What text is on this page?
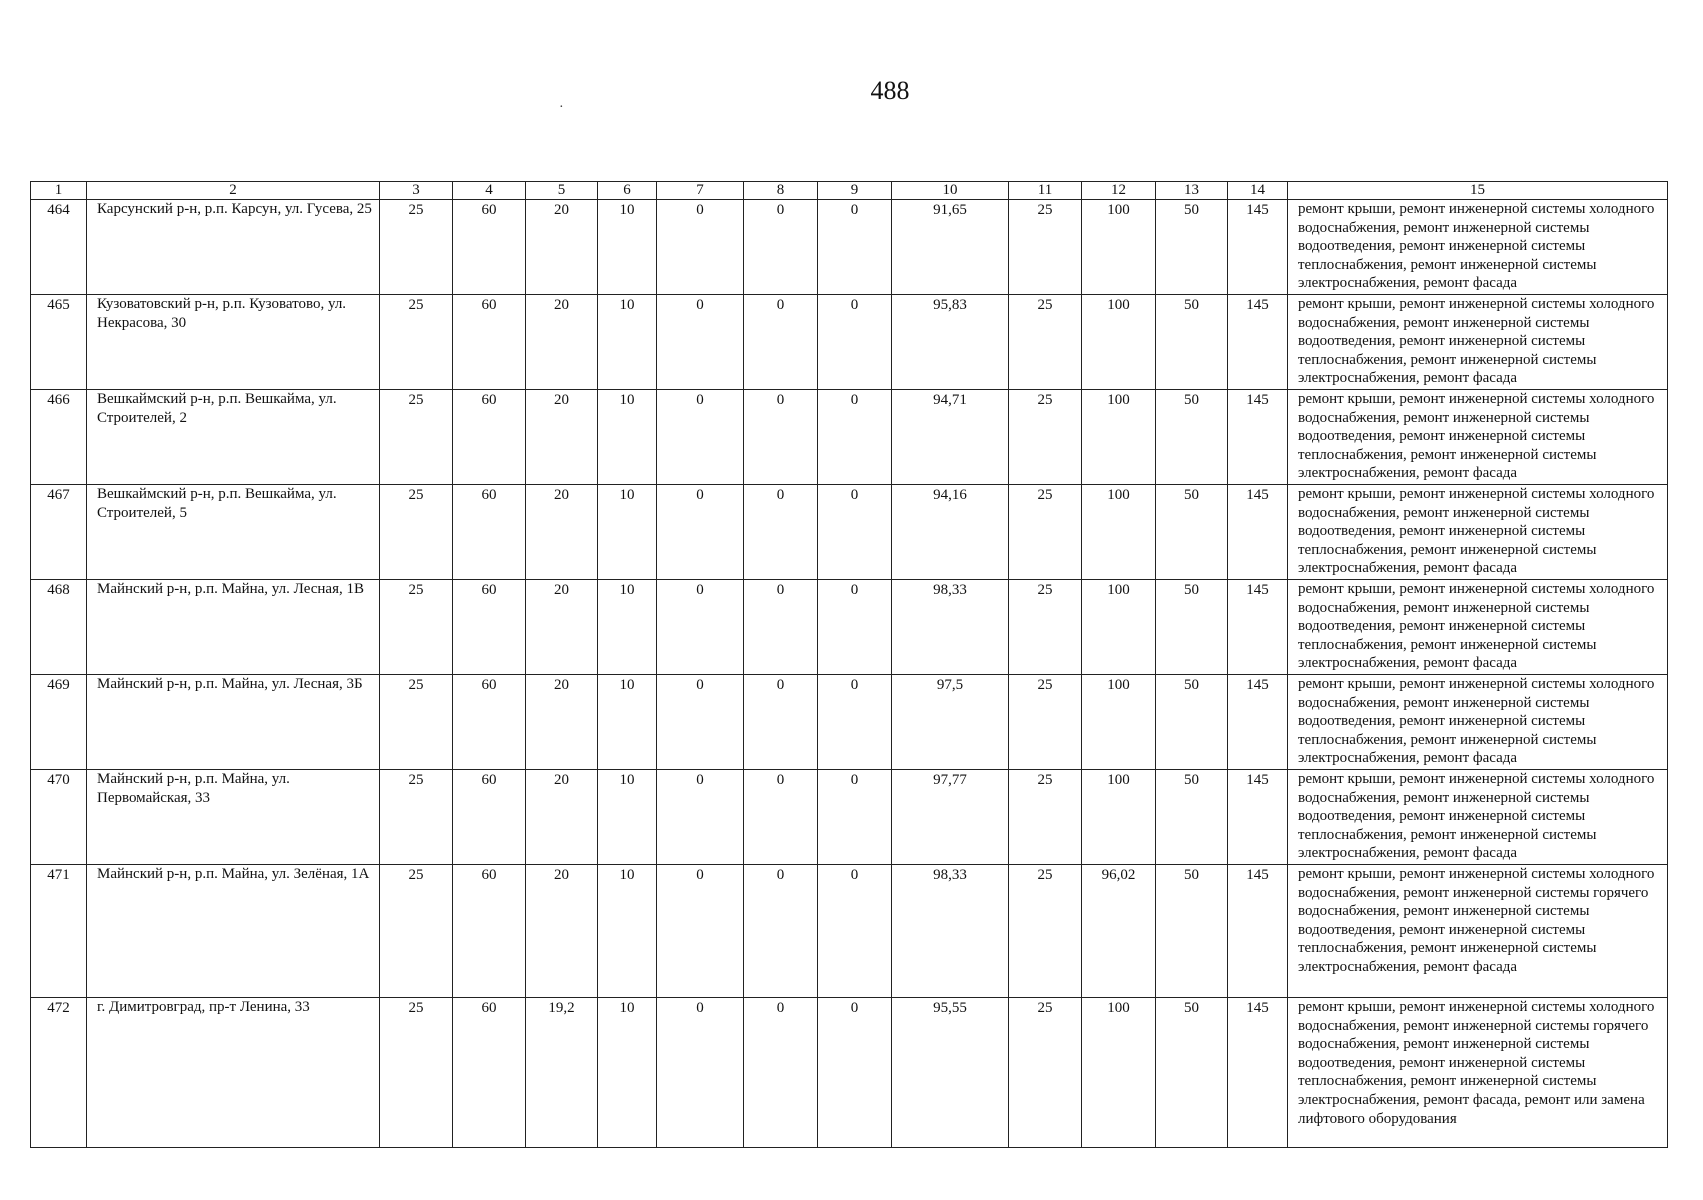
488
·
1	2	3	4	5	6	7	8	9	10	11	12	13	14	15
464	Карсунский р-н, р.п. Карсун, ул. Гусева, 25	25	60	20	10	0	0	0	91,65	25	100	50	145	ремонт крыши, ремонт инженерной системы холодного водоснабжения, ремонт инженерной системы водоотведения, ремонт инженерной системы теплоснабжения, ремонт инженерной системы электроснабжения, ремонт фасада
465	Кузоватовский р-н, р.п. Кузоватово, ул. Некрасова, 30	25	60	20	10	0	0	0	95,83	25	100	50	145	ремонт крыши, ремонт инженерной системы холодного водоснабжения, ремонт инженерной системы водоотведения, ремонт инженерной системы теплоснабжения, ремонт инженерной системы электроснабжения, ремонт фасада
466	Вешкаймский р-н, р.п. Вешкайма, ул. Строителей, 2	25	60	20	10	0	0	0	94,71	25	100	50	145	ремонт крыши, ремонт инженерной системы холодного водоснабжения, ремонт инженерной системы водоотведения, ремонт инженерной системы теплоснабжения, ремонт инженерной системы электроснабжения, ремонт фасада
467	Вешкаймский р-н, р.п. Вешкайма, ул. Строителей, 5	25	60	20	10	0	0	0	94,16	25	100	50	145	ремонт крыши, ремонт инженерной системы холодного водоснабжения, ремонт инженерной системы водоотведения, ремонт инженерной системы теплоснабжения, ремонт инженерной системы электроснабжения, ремонт фасада
468	Майнский р-н, р.п. Майна, ул. Лесная, 1В	25	60	20	10	0	0	0	98,33	25	100	50	145	ремонт крыши, ремонт инженерной системы холодного водоснабжения, ремонт инженерной системы водоотведения, ремонт инженерной системы теплоснабжения, ремонт инженерной системы электроснабжения, ремонт фасада
469	Майнский р-н, р.п. Майна, ул. Лесная, 3Б	25	60	20	10	0	0	0	97,5	25	100	50	145	ремонт крыши, ремонт инженерной системы холодного водоснабжения, ремонт инженерной системы водоотведения, ремонт инженерной системы теплоснабжения, ремонт инженерной системы электроснабжения, ремонт фасада
470	Майнский р-н, р.п. Майна, ул. Первомайская, 33	25	60	20	10	0	0	0	97,77	25	100	50	145	ремонт крыши, ремонт инженерной системы холодного водоснабжения, ремонт инженерной системы водоотведения, ремонт инженерной системы теплоснабжения, ремонт инженерной системы электроснабжения, ремонт фасада
471	Майнский р-н, р.п. Майна, ул. Зелёная, 1А	25	60	20	10	0	0	0	98,33	25	96,02	50	145	ремонт крыши, ремонт инженерной системы холодного водоснабжения, ремонт инженерной системы горячего водоснабжения, ремонт инженерной системы водоотведения, ремонт инженерной системы теплоснабжения, ремонт инженерной системы электроснабжения, ремонт фасада
472	г. Димитровград, пр-т Ленина, 33	25	60	19,2	10	0	0	0	95,55	25	100	50	145	ремонт крыши, ремонт инженерной системы холодного водоснабжения, ремонт инженерной системы горячего водоснабжения, ремонт инженерной системы водоотведения, ремонт инженерной системы теплоснабжения, ремонт инженерной системы электроснабжения, ремонт фасада, ремонт или замена лифтового оборудования
